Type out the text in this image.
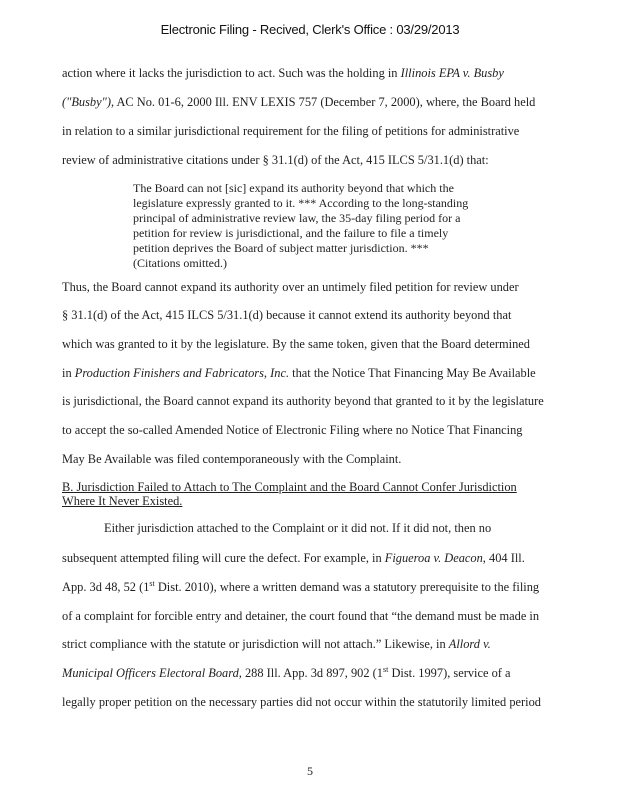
Electronic Filing - Recived, Clerk's Office : 03/29/2013
action where it lacks the jurisdiction to act. Such was the holding in Illinois EPA v. Busby
("Busby"), AC No. 01-6, 2000 Ill. ENV LEXIS 757 (December 7, 2000), where, the Board held
in relation to a similar jurisdictional requirement for the filing of petitions for administrative
review of administrative citations under § 31.1(d) of the Act, 415 ILCS 5/31.1(d) that:
The Board can not [sic] expand its authority beyond that which the legislature expressly granted to it. *** According to the long-standing principal of administrative review law, the 35-day filing period for a petition for review is jurisdictional, and the failure to file a timely petition deprives the Board of subject matter jurisdiction. *** (Citations omitted.)
Thus, the Board cannot expand its authority over an untimely filed petition for review under
§ 31.1(d) of the Act, 415 ILCS 5/31.1(d) because it cannot extend its authority beyond that
which was granted to it by the legislature. By the same token, given that the Board determined
in Production Finishers and Fabricators, Inc. that the Notice That Financing May Be Available
is jurisdictional, the Board cannot expand its authority beyond that granted to it by the legislature
to accept the so-called Amended Notice of Electronic Filing where no Notice That Financing
May Be Available was filed contemporaneously with the Complaint.
B. Jurisdiction Failed to Attach to The Complaint and the Board Cannot Confer Jurisdiction Where It Never Existed.
Either jurisdiction attached to the Complaint or it did not. If it did not, then no
subsequent attempted filing will cure the defect. For example, in Figueroa v. Deacon, 404 Ill.
App. 3d 48, 52 (1st Dist. 2010), where a written demand was a statutory prerequisite to the filing
of a complaint for forcible entry and detainer, the court found that “the demand must be made in
strict compliance with the statute or jurisdiction will not attach.” Likewise, in Allord v.
Municipal Officers Electoral Board, 288 Ill. App. 3d 897, 902 (1st Dist. 1997), service of a
legally proper petition on the necessary parties did not occur within the statutorily limited period
5
